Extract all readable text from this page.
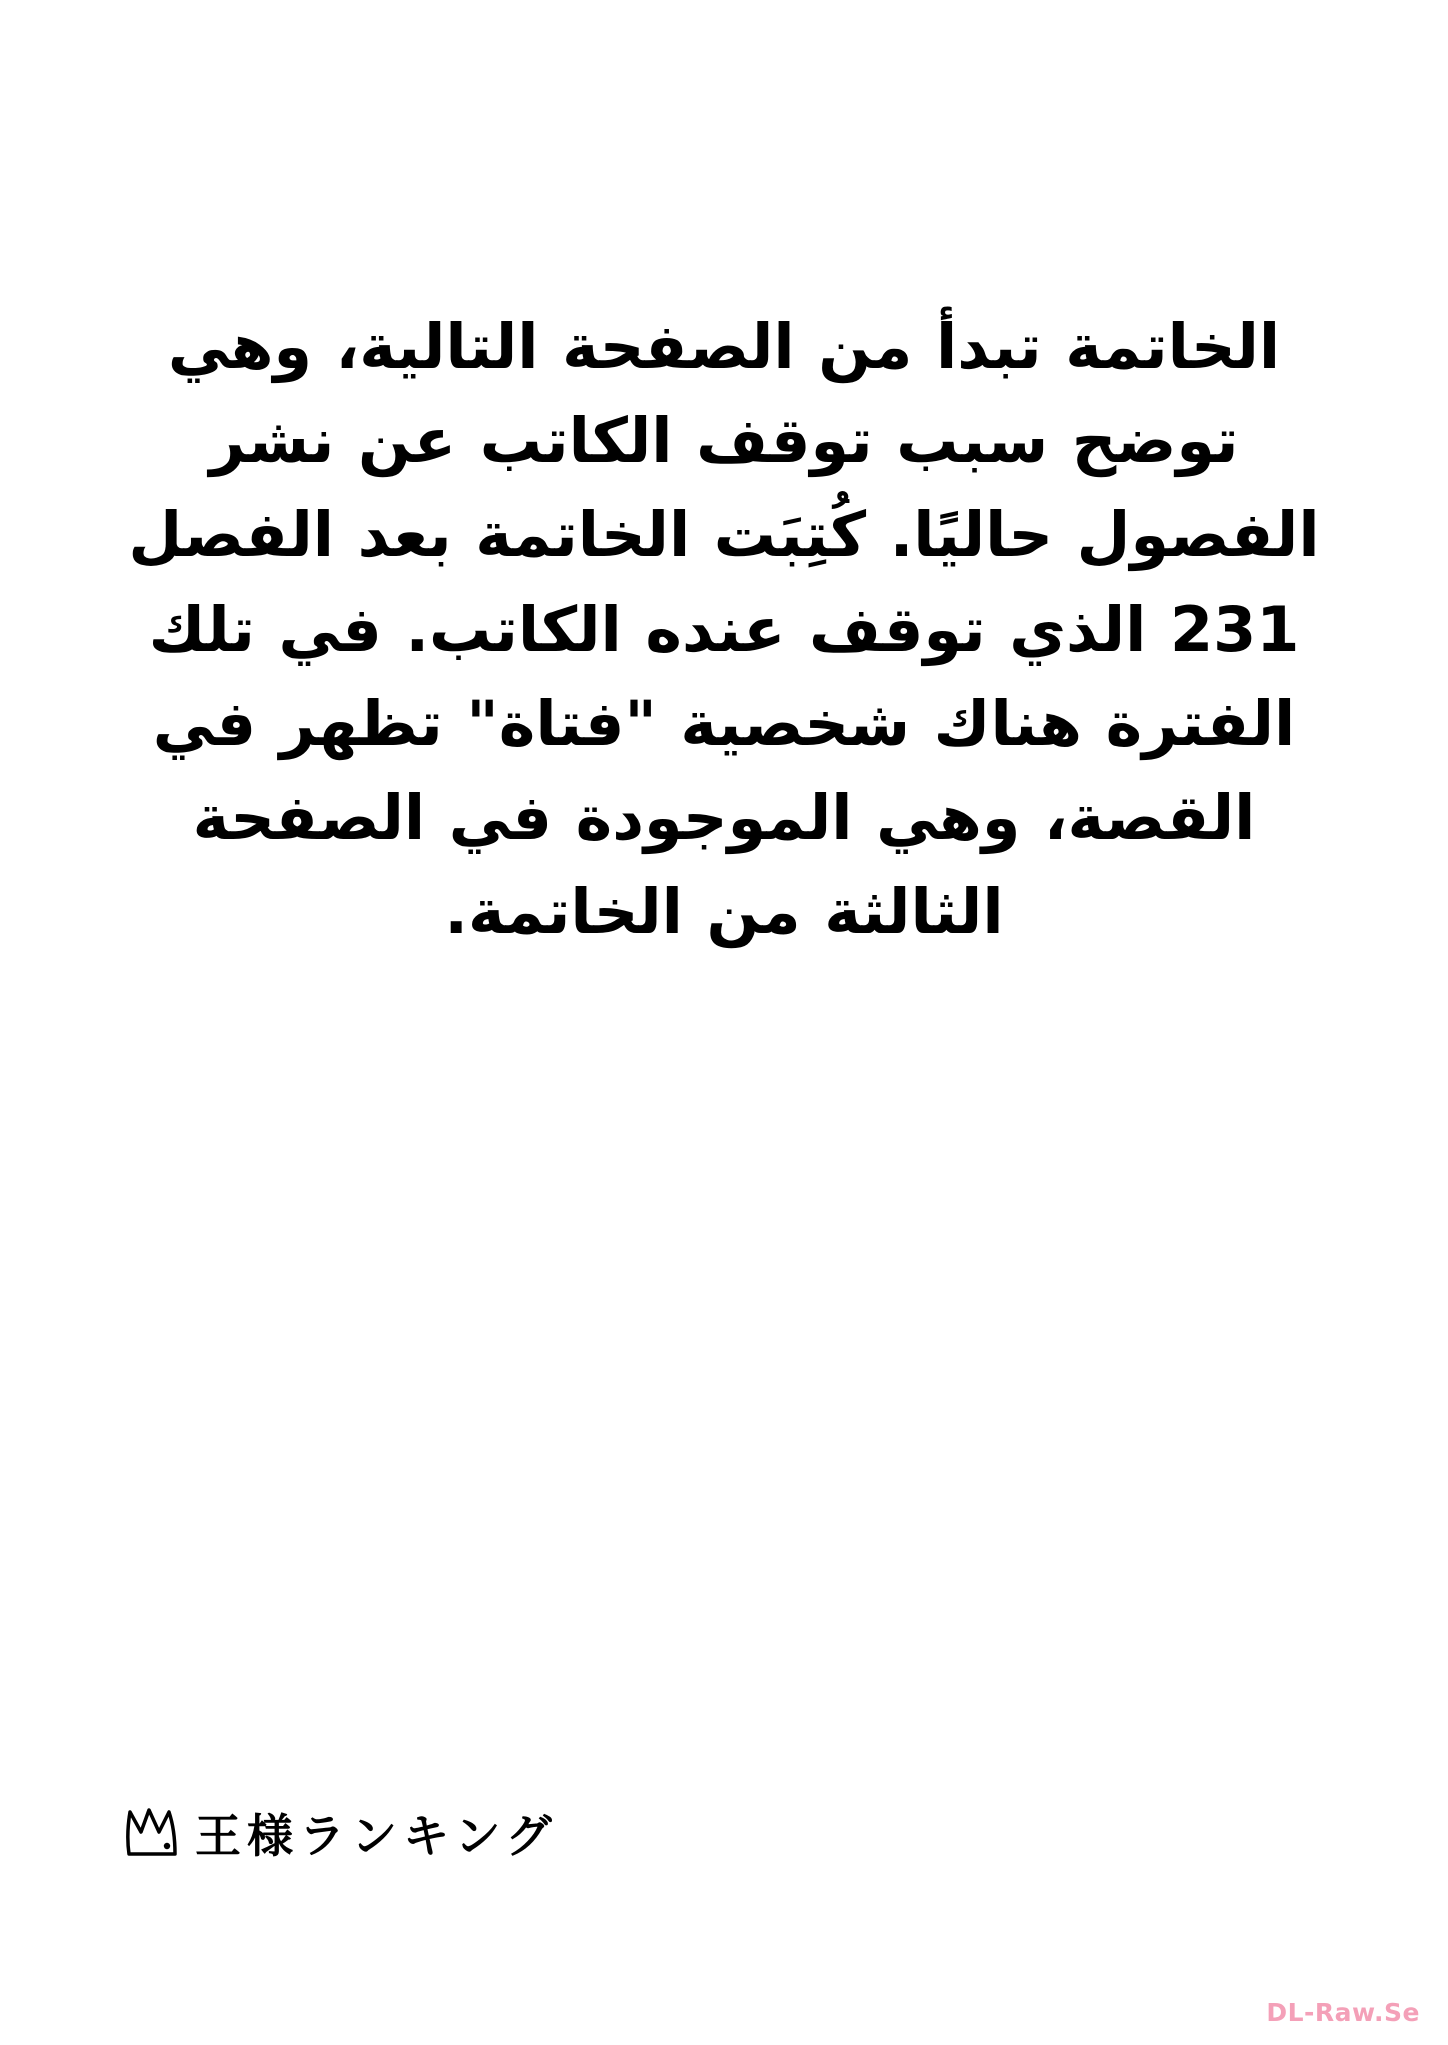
الخاتمة تبدأ من الصفحة التالية، وهي توضح سبب توقف الكاتب عن نشر الفصول حاليًا. كُتِبَت الخاتمة بعد الفصل 231 الذي توقف عنده الكاتب. في تلك الفترة هناك شخصية "فتاة" تظهر في القصة، وهي الموجودة في الصفحة الثالثة من الخاتمة.
王様ランキング
DL-Raw.Se
